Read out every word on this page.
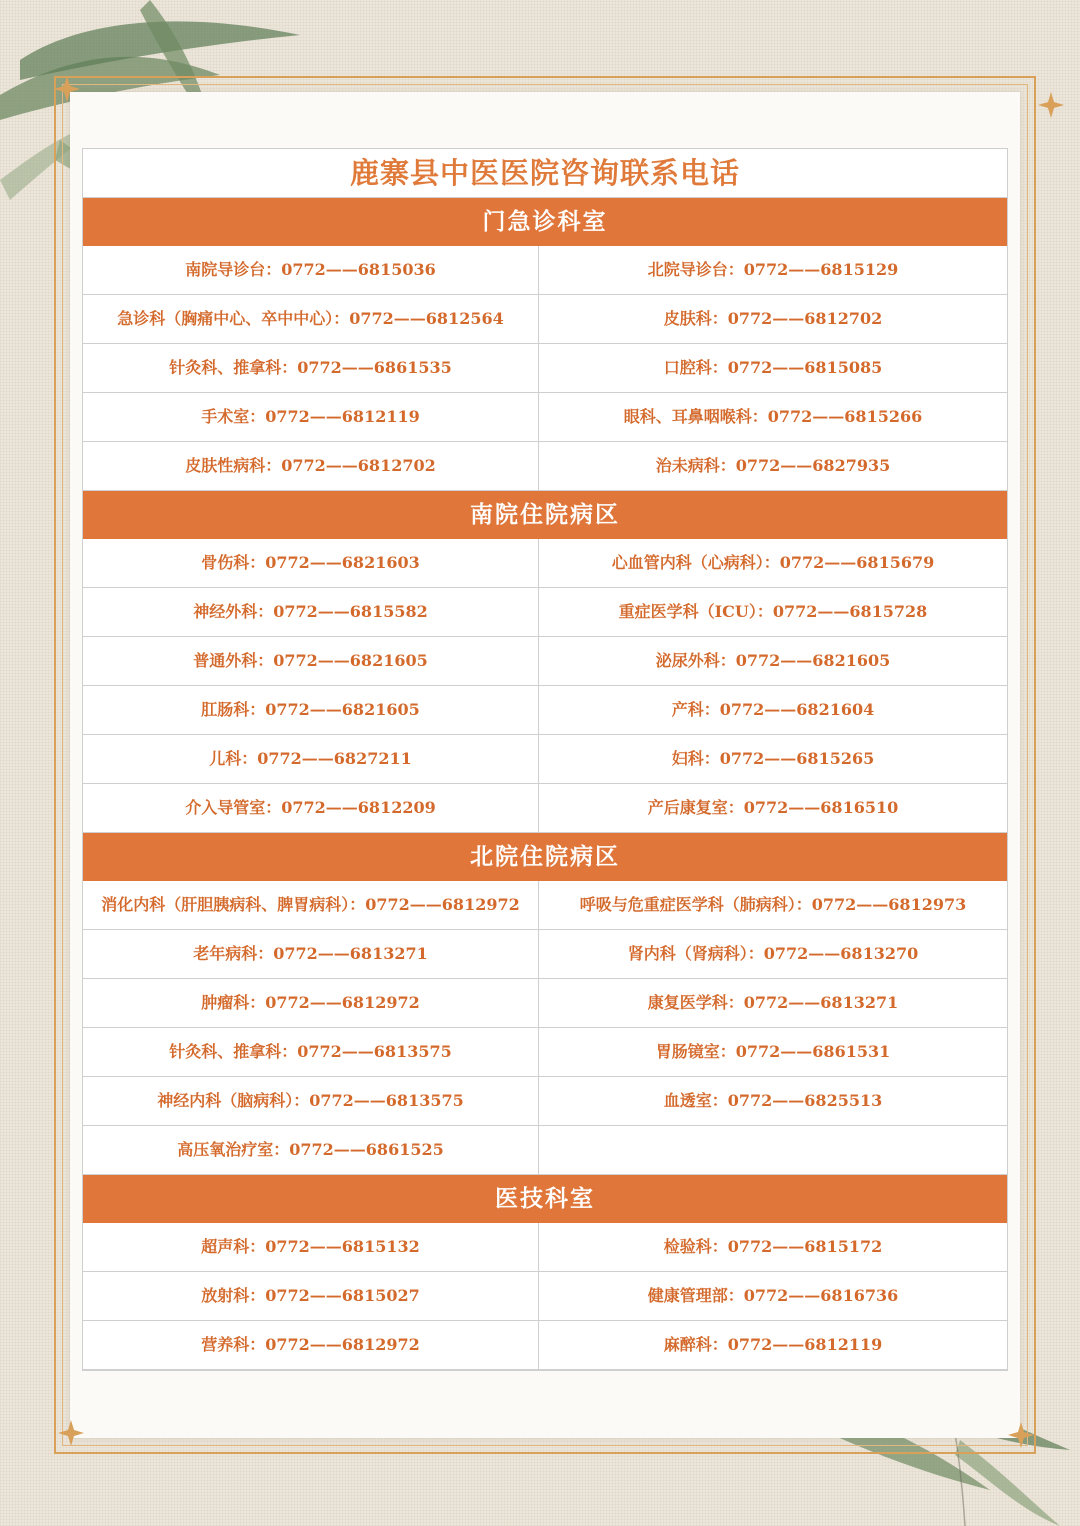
鹿寨县中医医院咨询联系电话
门急诊科室
南院导诊台：0772——6815036	北院导诊台：0772——6815129
急诊科（胸痛中心、卒中中心）：0772——6812564	皮肤科：0772——6812702
针灸科、推拿科：0772——6861535	口腔科：0772——6815085
手术室：0772——6812119	眼科、耳鼻咽喉科：0772——6815266
皮肤性病科：0772——6812702	治未病科：0772——6827935
南院住院病区
骨伤科：0772——6821603	心血管内科（心病科）：0772——6815679
神经外科：0772——6815582	重症医学科（ICU）：0772——6815728
普通外科：0772——6821605	泌尿外科：0772——6821605
肛肠科：0772——6821605	产科：0772——6821604
儿科：0772——6827211	妇科：0772——6815265
介入导管室：0772——6812209	产后康复室：0772——6816510
北院住院病区
消化内科（肝胆胰病科、脾胃病科）：0772——6812972	呼吸与危重症医学科（肺病科）：0772——6812973
老年病科：0772——6813271	肾内科（肾病科）：0772——6813270
肿瘤科：0772——6812972	康复医学科：0772——6813271
针灸科、推拿科：0772——6813575	胃肠镜室：0772——6861531
神经内科（脑病科）：0772——6813575	血透室：0772——6825513
高压氧治疗室：0772——6861525
医技科室
超声科：0772——6815132	检验科：0772——6815172
放射科：0772——6815027	健康管理部：0772——6816736
营养科：0772——6812972	麻醉科：0772——6812119
